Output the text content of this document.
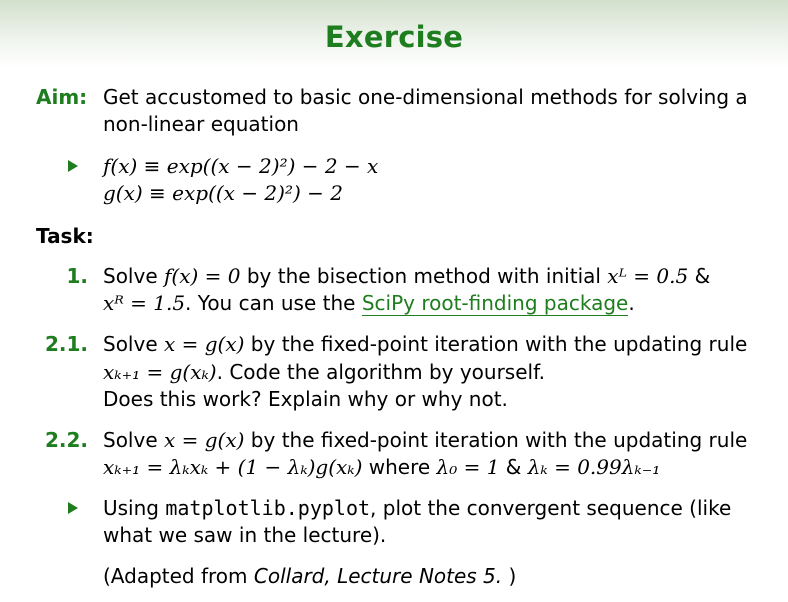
Exercise
Aim: Get accustomed to basic one-dimensional methods for solving a
non-linear equation
f(x) ≡ exp((x − 2)²) − 2 − x
g(x) ≡ exp((x − 2)²) − 2
Task:
1. Solve f(x) = 0 by the bisection method with initial xᴸ = 0.5 &
xᴿ = 1.5. You can use the SciPy root-finding package.
2.1. Solve x = g(x) by the fixed-point iteration with the updating rule
xₖ₊₁ = g(xₖ). Code the algorithm by yourself.
Does this work? Explain why or why not.
2.2. Solve x = g(x) by the fixed-point iteration with the updating rule
xₖ₊₁ = λₖxₖ + (1 − λₖ)g(xₖ) where λ₀ = 1 & λₖ = 0.99λₖ₋₁
Using matplotlib.pyplot, plot the convergent sequence (like
what we saw in the lecture).
(Adapted from Collard, Lecture Notes 5. )
